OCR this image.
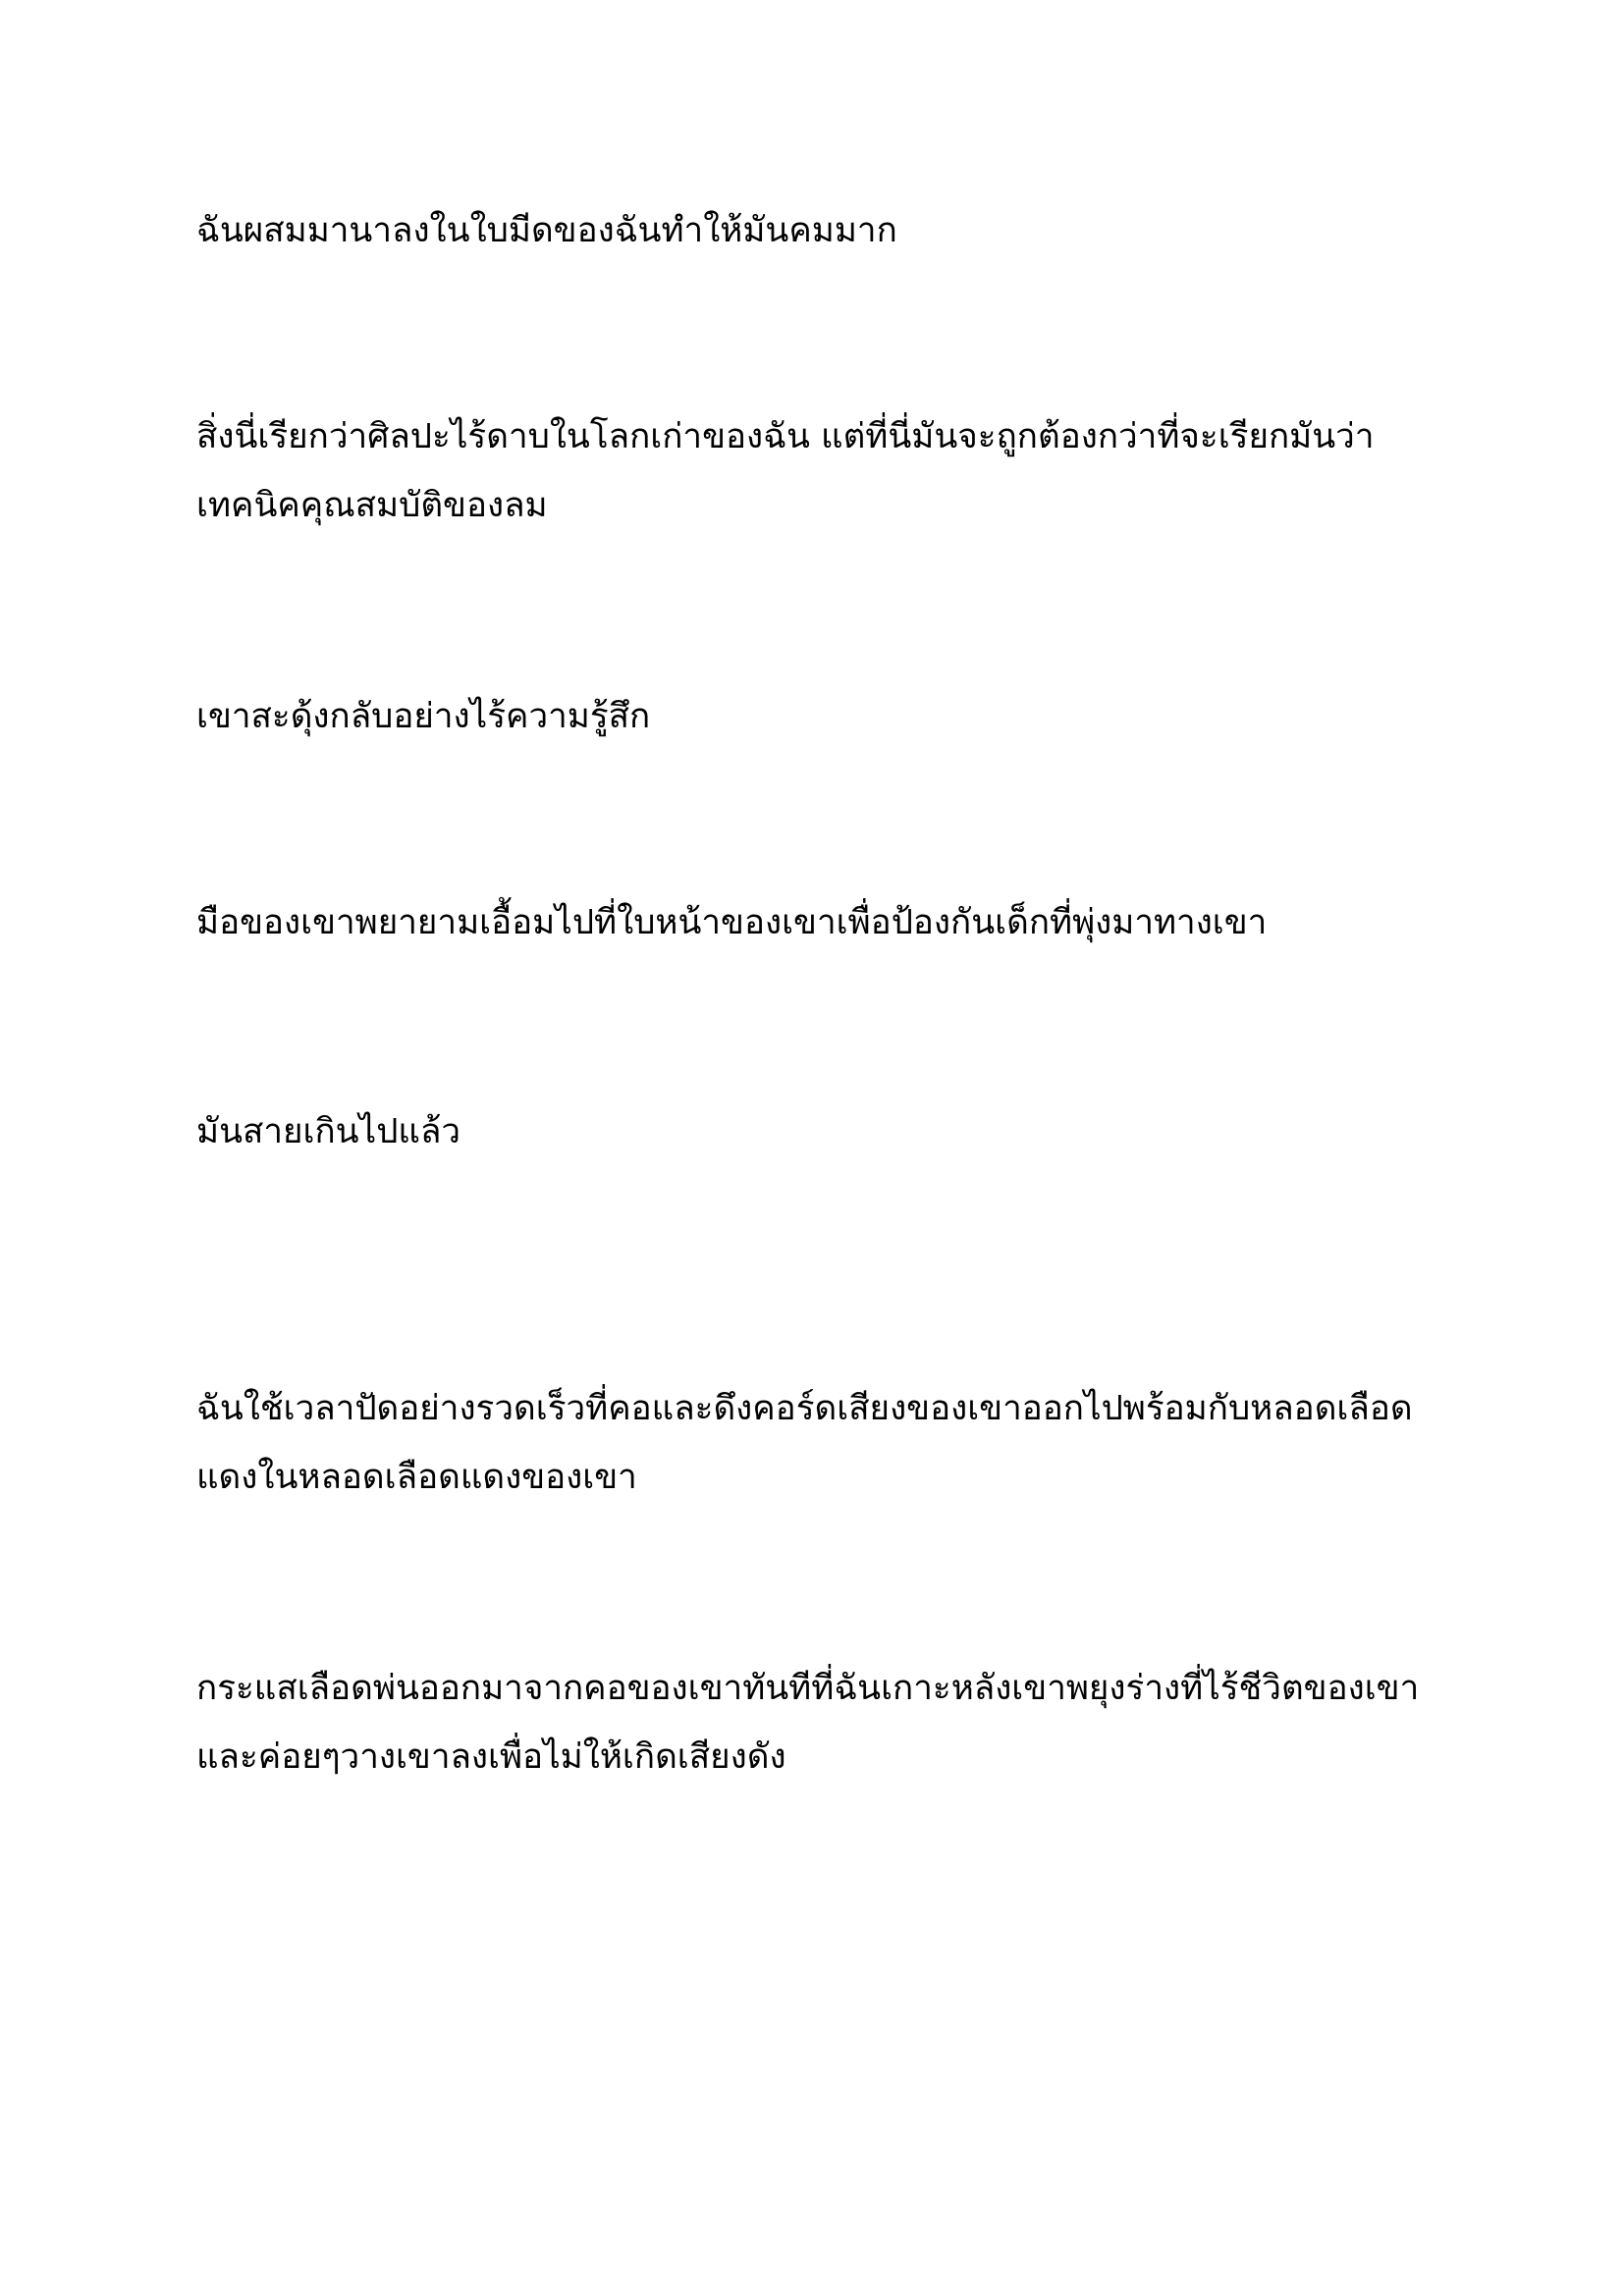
ฉันผสมมานาลงในใบมีดของฉันทำให้มันคมมาก

สิ่งนี่เรียกว่าศิลปะไร้ดาบในโลกเก่าของฉัน แต่ที่นี่มันจะถูกต้องกว่าที่จะเรียกมันว่า
เทคนิคคุณสมบัติของลม

เขาสะดุ้งกลับอย่างไร้ความรู้สึก

มือของเขาพยายามเอื้อมไปที่ใบหน้าของเขาเพื่อป้องกันเด็กที่พุ่งมาทางเขา

มันสายเกินไปแล้ว

ฉันใช้เวลาปัดอย่างรวดเร็วที่คอและดึงคอร์ดเสียงของเขาออกไปพร้อมกับหลอดเลือด
แดงในหลอดเลือดแดงของเขา

กระแสเลือดพ่นออกมาจากคอของเขาทันทีที่ฉันเกาะหลังเขาพยุงร่างที่ไร้ชีวิตของเขา
และค่อยๆวางเขาลงเพื่อไม่ให้เกิดเสียงดัง
